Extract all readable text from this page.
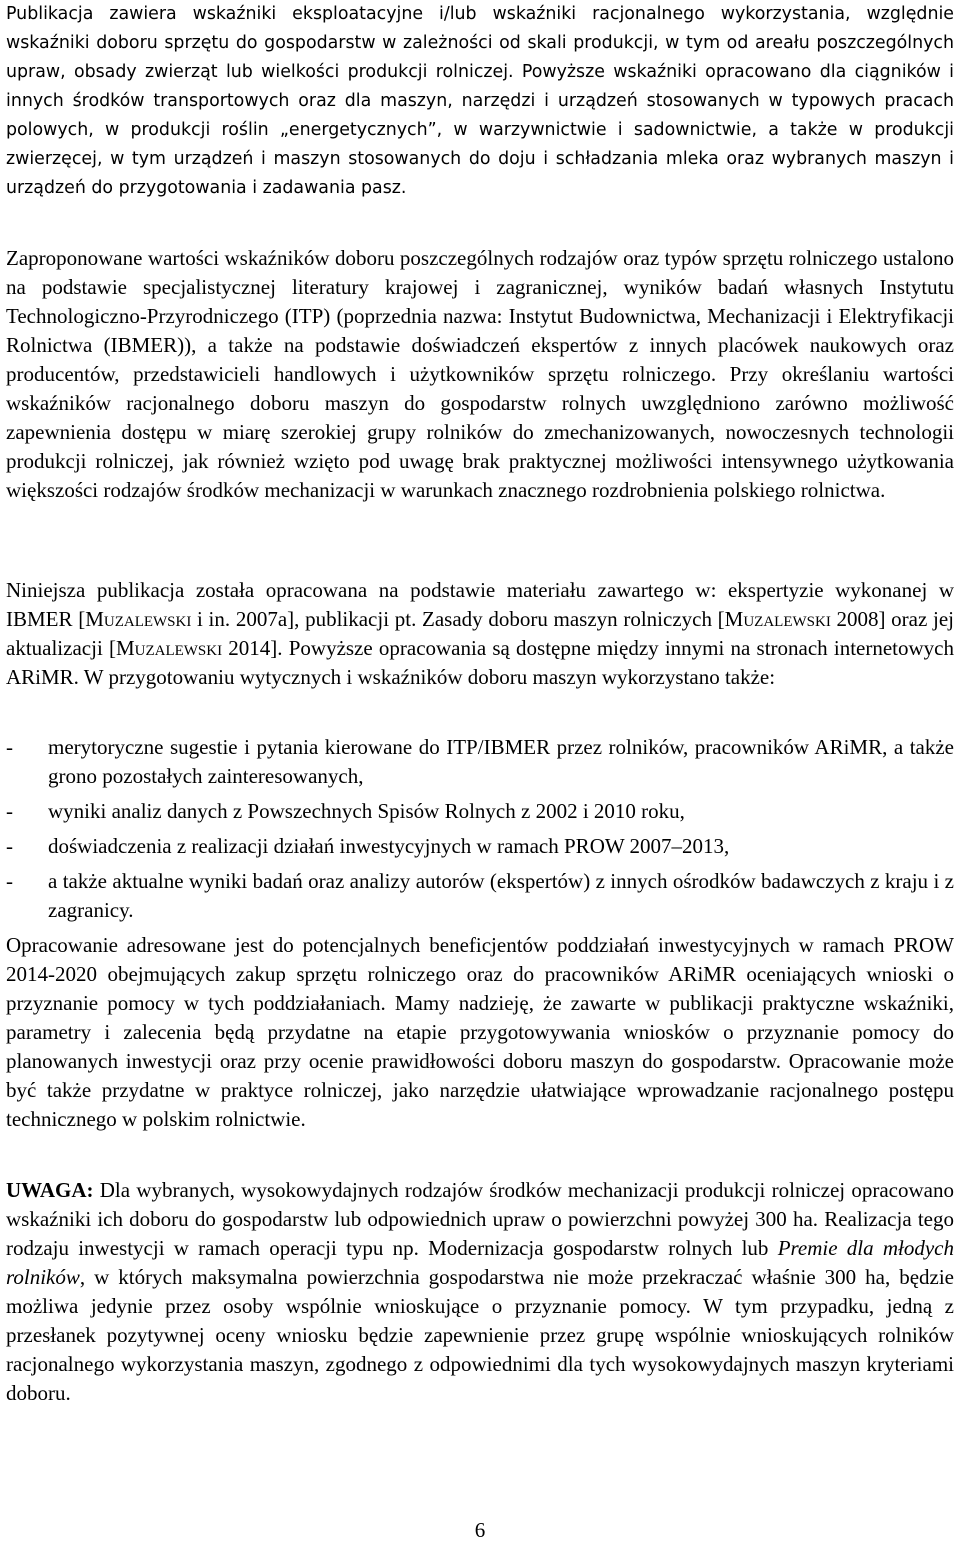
Publikacja zawiera wskaźniki eksploatacyjne i/lub wskaźniki racjonalnego wykorzystania, względnie wskaźniki doboru sprzętu do gospodarstw w zależności od skali produkcji, w tym od areału poszczególnych upraw, obsady zwierząt lub wielkości produkcji rolniczej. Powyższe wskaźniki opracowano dla ciągników i innych środków transportowych oraz dla maszyn, narzędzi i urządzeń stosowanych w typowych pracach polowych, w produkcji roślin „energetycznych”, w warzywnictwie i sadownictwie, a także w produkcji zwierzęcej, w tym urządzeń i maszyn stosowanych do doju i schładzania mleka oraz wybranych maszyn i urządzeń do przygotowania i zadawania pasz.

Zaproponowane wartości wskaźników doboru poszczególnych rodzajów oraz typów sprzętu rolniczego ustalono na podstawie specjalistycznej literatury krajowej i zagranicznej, wyników badań własnych Instytutu Technologiczno-Przyrodniczego (ITP) (poprzednia nazwa: Instytut Budownictwa, Mechanizacji i Elektryfikacji Rolnictwa (IBMER)), a także na podstawie doświadczeń ekspertów z innych placówek naukowych oraz producentów, przedstawicieli handlowych i użytkowników sprzętu rolniczego. Przy określaniu wartości wskaźników racjonalnego doboru maszyn do gospodarstw rolnych uwzględniono zarówno możliwość zapewnienia dostępu w miarę szerokiej grupy rolników do zmechanizowanych, nowoczesnych technologii produkcji rolniczej, jak również wzięto pod uwagę brak praktycznej możliwości intensywnego użytkowania większości rodzajów środków mechanizacji w warunkach znacznego rozdrobnienia polskiego rolnictwa.

Niniejsza publikacja została opracowana na podstawie materiału zawartego w: ekspertyzie wykonanej w IBMER [Muzalewski i in. 2007a], publikacji pt. Zasady doboru maszyn rolniczych [Muzalewski 2008] oraz jej aktualizacji [Muzalewski 2014]. Powyższe opracowania są dostępne między innymi na stronach internetowych ARiMR. W przygotowaniu wytycznych i wskaźników doboru maszyn wykorzystano także:

- merytoryczne sugestie i pytania kierowane do ITP/IBMER przez rolników, pracowników ARiMR, a także grono pozostałych zainteresowanych,

- wyniki analiz danych z Powszechnych Spisów Rolnych z 2002 i 2010 roku,

- doświadczenia z realizacji działań inwestycyjnych w ramach PROW 2007–2013,

- a także aktualne wyniki badań oraz analizy autorów (ekspertów) z innych ośrodków badawczych z kraju i z zagranicy.

Opracowanie adresowane jest do potencjalnych beneficjentów poddziałań inwestycyjnych w ramach PROW 2014-2020 obejmujących zakup sprzętu rolniczego oraz do pracowników ARiMR oceniających wnioski o przyznanie pomocy w tych poddziałaniach. Mamy nadzieję, że zawarte w publikacji praktyczne wskaźniki, parametry i zalecenia będą przydatne na etapie przygotowywania wniosków o przyznanie pomocy do planowanych inwestycji oraz przy ocenie prawidłowości doboru maszyn do gospodarstw. Opracowanie może być także przydatne w praktyce rolniczej, jako narzędzie ułatwiające wprowadzanie racjonalnego postępu technicznego w polskim rolnictwie.

UWAGA: Dla wybranych, wysokowydajnych rodzajów środków mechanizacji produkcji rolniczej opracowano wskaźniki ich doboru do gospodarstw lub odpowiednich upraw o powierzchni powyżej 300 ha. Realizacja tego rodzaju inwestycji w ramach operacji typu np. Modernizacja gospodarstw rolnych lub Premie dla młodych rolników, w których maksymalna powierzchnia gospodarstwa nie może przekraczać właśnie 300 ha, będzie możliwa jedynie przez osoby wspólnie wnioskujące o przyznanie pomocy. W tym przypadku, jedną z przesłanek pozytywnej oceny wniosku będzie zapewnienie przez grupę wspólnie wnioskujących rolników racjonalnego wykorzystania maszyn, zgodnego z odpowiednimi dla tych wysokowydajnych maszyn kryteriami doboru.

6
